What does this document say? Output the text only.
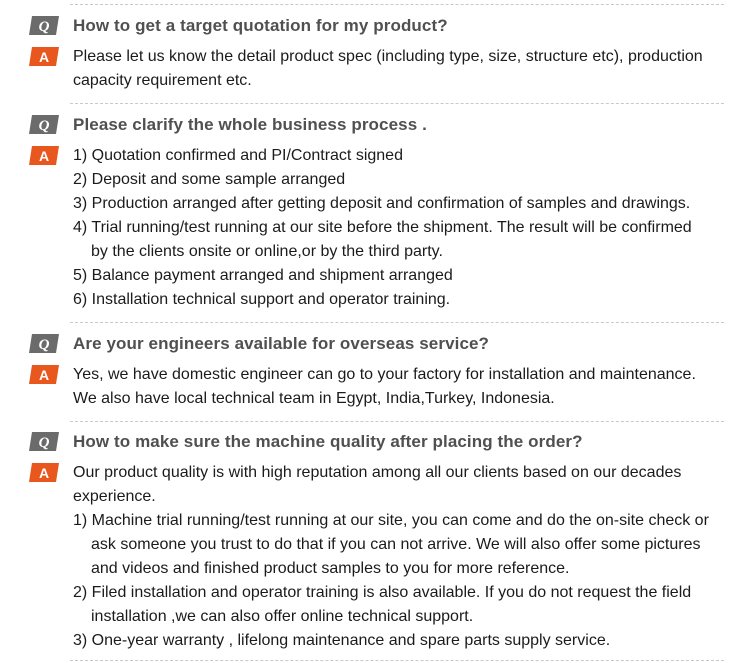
Q How to get a target quotation for my product?
A Please let us know the detail product spec (including type, size, structure etc), production
capacity requirement etc.
Q Please clarify the whole business process .
A 1) Quotation confirmed and PI/Contract signed
2) Deposit and some sample arranged
3) Production arranged after getting deposit and confirmation of samples and drawings.
4) Trial running/test running at our site before the shipment. The result will be confirmed
by the clients onsite or online,or by the third party.
5) Balance payment arranged and shipment arranged
6) Installation technical support and operator training.
Q Are your engineers available for overseas service?
A Yes, we have domestic engineer can go to your factory for installation and maintenance.
We also have local technical team in Egypt, India,Turkey, Indonesia.
Q How to make sure the machine quality after placing the order?
A Our product quality is with high reputation among all our clients based on our decades
experience.
1) Machine trial running/test running at our site, you can come and do the on-site check or
ask someone you trust to do that if you can not arrive. We will also offer some pictures
and videos and finished product samples to you for more reference.
2) Filed installation and operator training is also available. If you do not request the field
installation ,we can also offer online technical support.
3) One-year warranty , lifelong maintenance and spare parts supply service.
